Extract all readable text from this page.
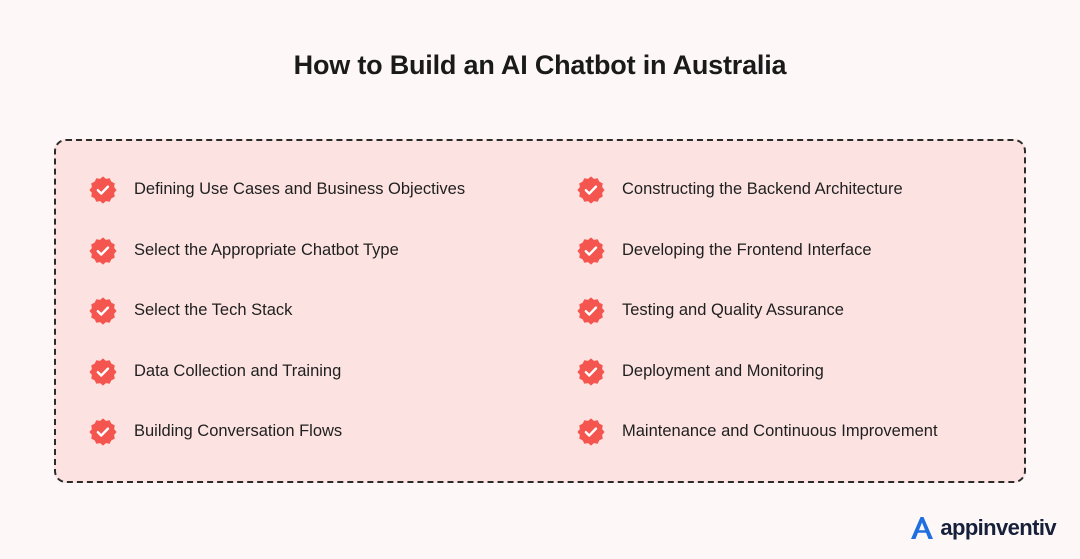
How to Build an AI Chatbot in Australia
Defining Use Cases and Business Objectives
Select the Appropriate Chatbot Type
Select the Tech Stack
Data Collection and Training
Building Conversation Flows
Constructing the Backend Architecture
Developing the Frontend Interface
Testing and Quality Assurance
Deployment and Monitoring
Maintenance and Continuous Improvement
appinventiv
